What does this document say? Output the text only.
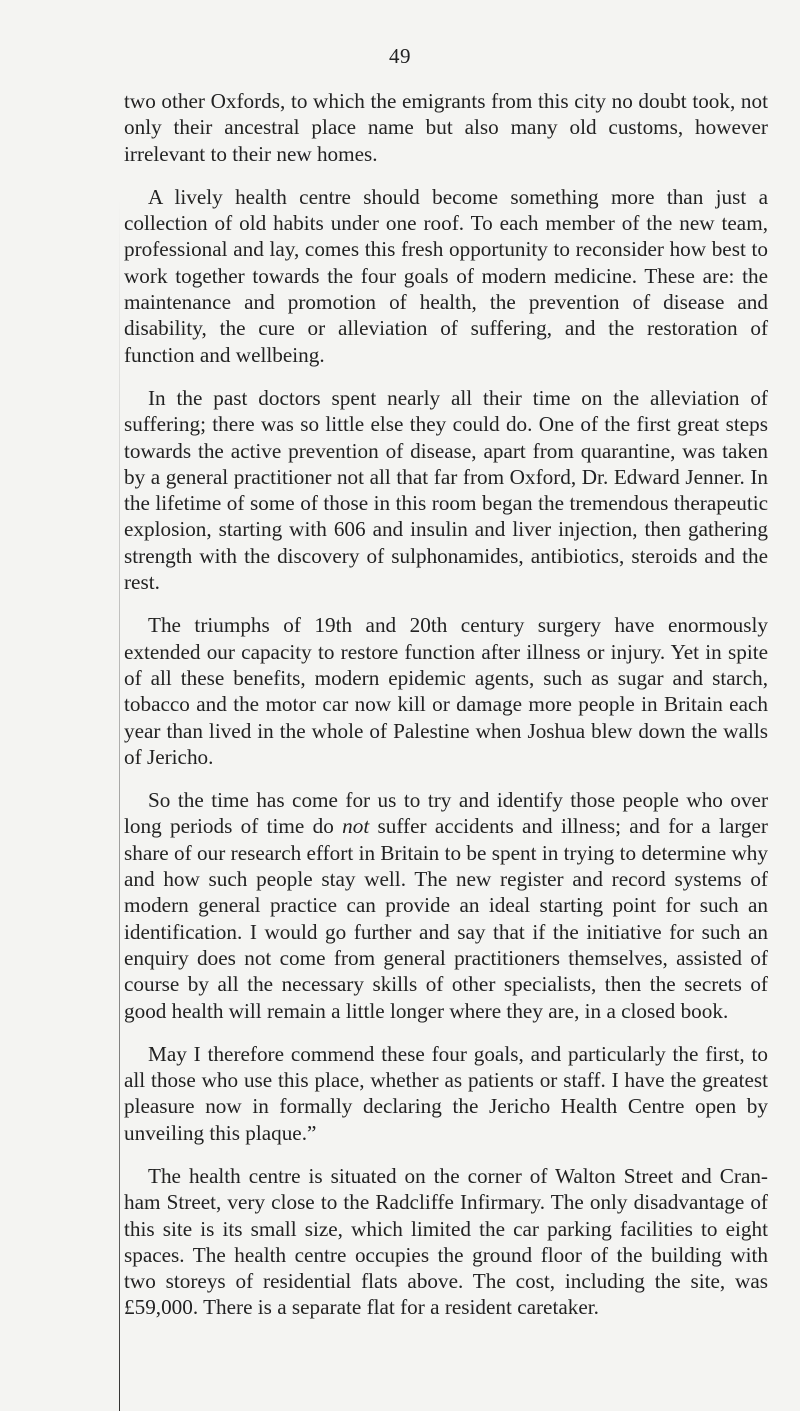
49

two other Oxfords, to which the emigrants from this city no doubt took, not only their ancestral place name but also many old customs, however irrelevant to their new homes.

A lively health centre should become something more than just a collection of old habits under one roof. To each member of the new team, professional and lay, comes this fresh opportunity to reconsider how best to work together towards the four goals of modern medicine. These are: the maintenance and promotion of health, the prevention of disease and disability, the cure or alleviation of suffering, and the restoration of function and wellbeing.

In the past doctors spent nearly all their time on the alleviation of suffering; there was so little else they could do. One of the first great steps towards the active prevention of disease, apart from quarantine, was taken by a general practitioner not all that far from Oxford, Dr. Edward Jenner. In the lifetime of some of those in this room began the tremendous therapeutic explosion, starting with 606 and insulin and liver injection, then gathering strength with the discovery of sulphonamides, antibiotics, steroids and the rest.

The triumphs of 19th and 20th century surgery have enormously extended our capacity to restore function after illness or injury. Yet in spite of all these benefits, modern epidemic agents, such as sugar and starch, tobacco and the motor car now kill or damage more people in Britain each year than lived in the whole of Palestine when Joshua blew down the walls of Jericho.

So the time has come for us to try and identify those people who over long periods of time do not suffer accidents and illness; and for a larger share of our research effort in Britain to be spent in trying to determine why and how such people stay well. The new register and record systems of modern general practice can provide an ideal starting point for such an identification. I would go further and say that if the initiative for such an enquiry does not come from general practitioners themselves, assisted of course by all the necessary skills of other specialists, then the secrets of good health will remain a little longer where they are, in a closed book.

May I therefore commend these four goals, and particularly the first, to all those who use this place, whether as patients or staff. I have the greatest pleasure now in formally declaring the Jericho Health Centre open by unveiling this plaque.”

The health centre is situated on the corner of Walton Street and Cran-ham Street, very close to the Radcliffe Infirmary. The only disadvantage of this site is its small size, which limited the car parking facilities to eight spaces. The health centre occupies the ground floor of the building with two storeys of residential flats above. The cost, including the site, was £59,000. There is a separate flat for a resident caretaker.
